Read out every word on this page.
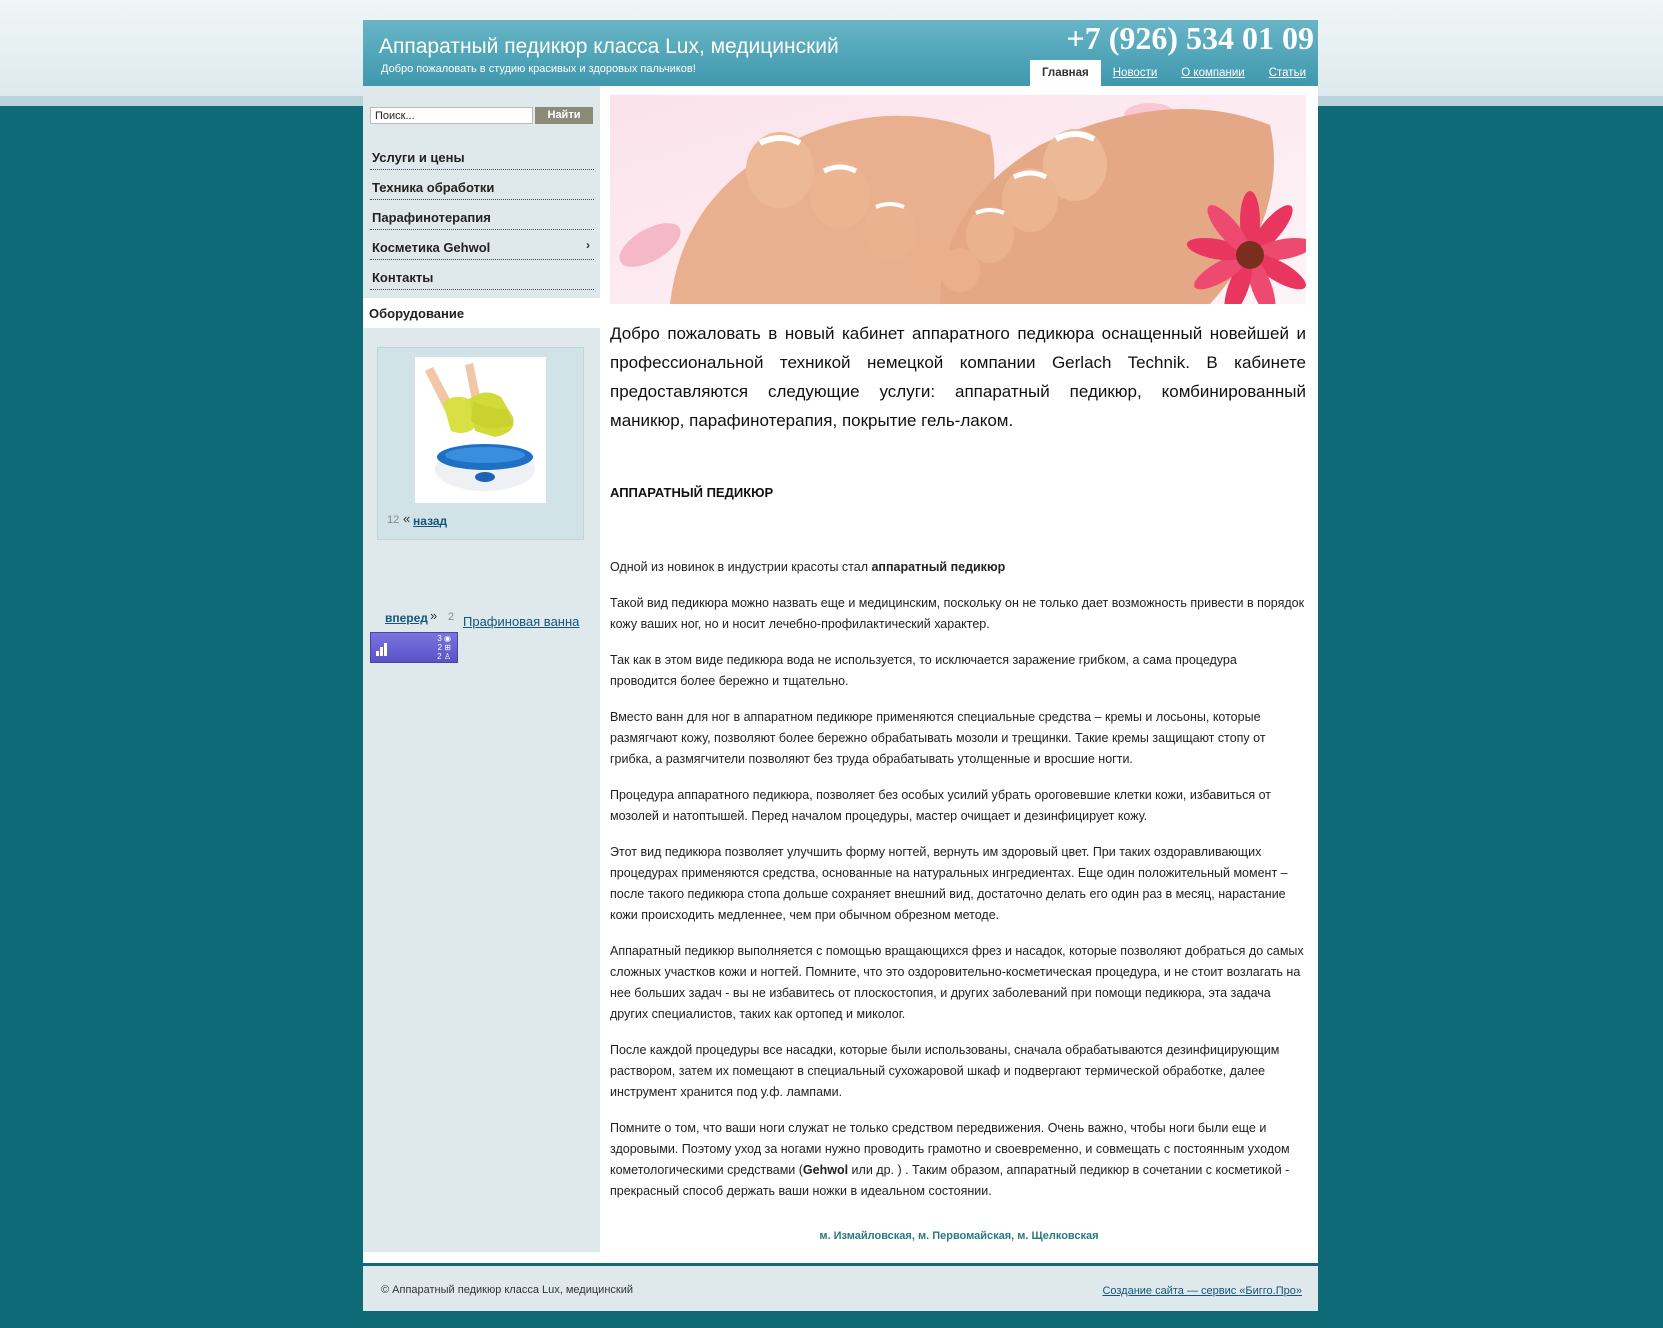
Аппаратный педикюр класса Lux, медицинский
Добро пожаловать в студию красивых и здоровых пальчиков!
+7 (926) 534 01 09
Главная	Новости	О компании	Статьи
Поиск...
Найти
Услуги и цены
Техника обработки
Парафинотерапия
Косметика Gehwol	›
Контакты
Оборудование
12 « назад
вперед » 2 Прафиновая ванна
3 ◉
2 ⊞
2 ♙
Добро пожаловать в новый кабинет аппаратного педикюра оснащенный новейшей и профессиональной техникой немецкой компании Gerlach Technik. В кабинете предоставляются следующие услуги: аппаратный педикюр, комбинированный маникюр, парафинотерапия, покрытие гель-лаком.
АППАРАТНЫЙ ПЕДИКЮР

Одной из новинок в индустрии красоты стал аппаратный педикюр

Такой вид педикюра можно назвать еще и медицинским, поскольку он не только дает возможность привести в порядок кожу ваших ног, но и носит лечебно-профилактический характер.

Так как в этом виде педикюра вода не используется, то исключается заражение грибком, а сама процедура проводится более бережно и тщательно.

Вместо ванн для ног в аппаратном педикюре применяются специальные средства – кремы и лосьоны, которые размягчают кожу, позволяют более бережно обрабатывать мозоли и трещинки. Такие кремы защищают стопу от грибка, а размягчители позволяют без труда обрабатывать утолщенные и вросшие ногти.

Процедура аппаратного педикюра, позволяет без особых усилий убрать ороговевшие клетки кожи, избавиться от мозолей и натоптышей. Перед началом процедуры, мастер очищает и дезинфицирует кожу.

Этот вид педикюра позволяет улучшить форму ногтей, вернуть им здоровый цвет. При таких оздоравливающих процедурах применяются средства, основанные на натуральных ингредиентах. Еще один положительный момент – после такого педикюра стопа дольше сохраняет внешний вид, достаточно делать его один раз в месяц, нарастание кожи происходить медленнее, чем при обычном обрезном методе.

Аппаратный педикюр выполняется с помощью вращающихся фрез и насадок, которые позволяют добраться до самых сложных участков кожи и ногтей. Помните, что это оздоровительно-косметическая процедура, и не стоит возлагать на нее больших задач - вы не избавитесь от плоскостопия, и других заболеваний при помощи педикюра, эта задача других специалистов, таких как ортопед и миколог.

После каждой процедуры все насадки, которые были использованы, сначала обрабатываются дезинфицирующим раствором, затем их помещают в специальный сухожаровой шкаф и подвергают термической обработке, далее инструмент хранится под у.ф. лампами.

Помните о том, что ваши ноги служат не только средством передвижения. Очень важно, чтобы ноги были еще и здоровыми. Поэтому уход за ногами нужно проводить грамотно и своевременно, и совмещать с постоянным уходом кометологическими средствами (Gehwol или др. ) . Таким образом, аппаратный педикюр в сочетании с косметикой - прекрасный способ держать ваши ножки в идеальном состоянии.

м. Измайловская, м. Первомайская, м. Щелковская
© Аппаратный педикюр класса Lux, медицинский	Создание сайта — сервис «Бигго.Про»
